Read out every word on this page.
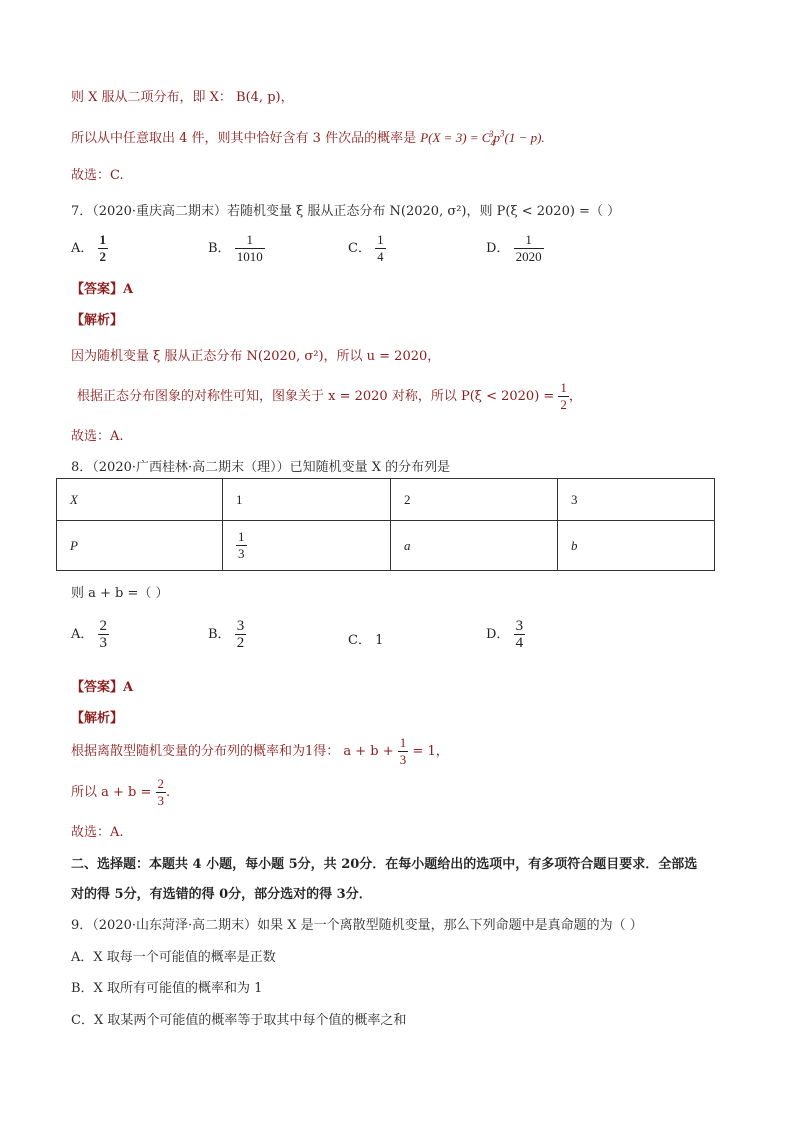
则 X 服从二项分布，即 X： B(4, p)，
所以从中任意取出 4 件，则其中恰好含有 3 件次品的概率是 $P(X = 3) = C_4^3p^3(1 - p)$.
故选：C.
7．（2020·重庆高二期末）若随机变量 ξ 服从正态分布 N(2020, σ²)，则 P(ξ < 2020) =（ ）
A． $\frac{1}{2}$	B． $\frac{1}{1010}$	C． $\frac{1}{4}$	D． $\frac{1}{2020}$
【答案】A
【解析】
因为随机变量 ξ 服从正态分布 N(2020, σ²)，所以 u = 2020，
根据正态分布图象的对称性可知，图象关于 x = 2020 对称，所以 $P(\xi < 2020) = \frac{1}{2}$ ，
故选：A.
8．（2020·广西桂林·高二期末（理））已知随机变量 X 的分布列是
X	1	2	3
P	$\frac{1}{3}$	a	b
则 a + b =（ ）
A． $\frac{2}{3}$	B． $\frac{3}{2}$	C． 1	D． $\frac{3}{4}$
【答案】A
【解析】
根据离散型随机变量的分布列的概率和为1得： $a + b + \frac{1}{3} = 1$，
所以 $a + b = \frac{2}{3}$ .
故选：A.
二、选择题：本题共 4 小题，每小题 5分，共 20分．在每小题给出的选项中，有多项符合题目要求．全部选
对的得 5分，有选错的得 0分，部分选对的得 3分．
9．（2020·山东菏泽·高二期末）如果 X 是一个离散型随机变量，那么下列命题中是真命题的为（ ）
A．X 取每一个可能值的概率是正数
B．X 取所有可能值的概率和为 1
C．X 取某两个可能值的概率等于取其中每个值的概率之和
